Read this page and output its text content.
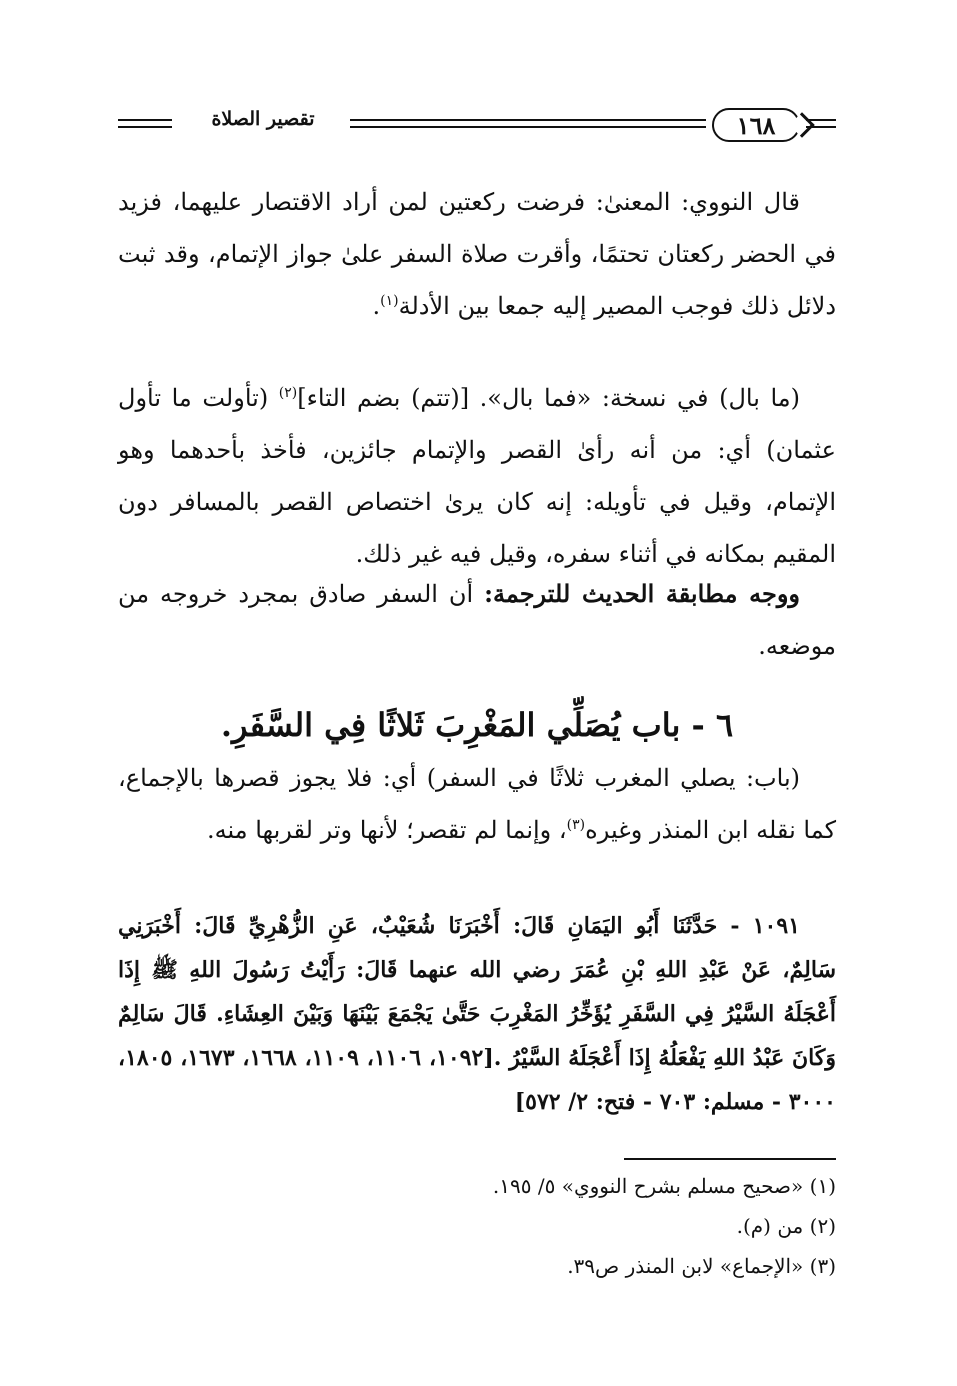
تقصير الصلاة	١٦٨

قال النووي: المعنىٰ: فرضت ركعتين لمن أراد الاقتصار عليهما، فزيد في الحضر ركعتان تحتمًا، وأقرت صلاة السفر علىٰ جواز الإتمام، وقد ثبت دلائل ذلك فوجب المصير إليه جمعا بين الأدلة$^{(١)}$.

(ما بال) في نسخة: «فما بال». [(تتم) بضم التاء]$^{(٢)}$ (تأولت ما تأول عثمان) أي: من أنه رأىٰ القصر والإتمام جائزين، فأخذ بأحدهما وهو الإتمام، وقيل في تأويله: إنه كان يرىٰ اختصاص القصر بالمسافر دون المقيم بمكانه في أثناء سفره، وقيل فيه غير ذلك.

ووجه مطابقة الحديث للترجمة: أن السفر صادق بمجرد خروجه من موضعه.

٦ - باب يُصَلِّي المَغْرِبَ ثَلاثًا فِي السَّفَرِ.

(باب: يصلي المغرب ثلاثًا في السفر) أي: فلا يجوز قصرها بالإجماع، كما نقله ابن المنذر وغيره$^{(٣)}$، وإنما لم تقصر؛ لأنها وتر لقربها منه.

١٠٩١ - حَدَّثَنَا أَبُو اليَمَانِ قَالَ: أَخْبَرَنَا شُعَيْبٌ، عَنِ الزُّهْرِيِّ قَالَ: أَخْبَرَنِي سَالِمٌ، عَنْ عَبْدِ اللهِ بْنِ عُمَرَ رضي الله عنهما قَالَ: رَأَيْتُ رَسُولَ اللهِ ﷺ إِذَا أَعْجَلَهُ السَّيْرُ فِي السَّفَرِ يُؤَخِّرُ المَغْرِبَ حَتَّىٰ يَجْمَعَ بَيْنَهَا وَبَيْنَ العِشَاءِ. قَالَ سَالِمٌ وَكَانَ عَبْدُ اللهِ يَفْعَلُهُ إِذَا أَعْجَلَهُ السَّيْرُ .[١٠٩٢، ١١٠٦، ١١٠٩، ١٦٦٨، ١٦٧٣، ١٨٠٥، ٣٠٠٠ - مسلم: ٧٠٣ - فتح: ٢/ ٥٧٢]

(١) «صحيح مسلم بشرح النووي» ٥/ ١٩٥.
(٢) من (م).
(٣) «الإجماع» لابن المنذر ص٣٩.
